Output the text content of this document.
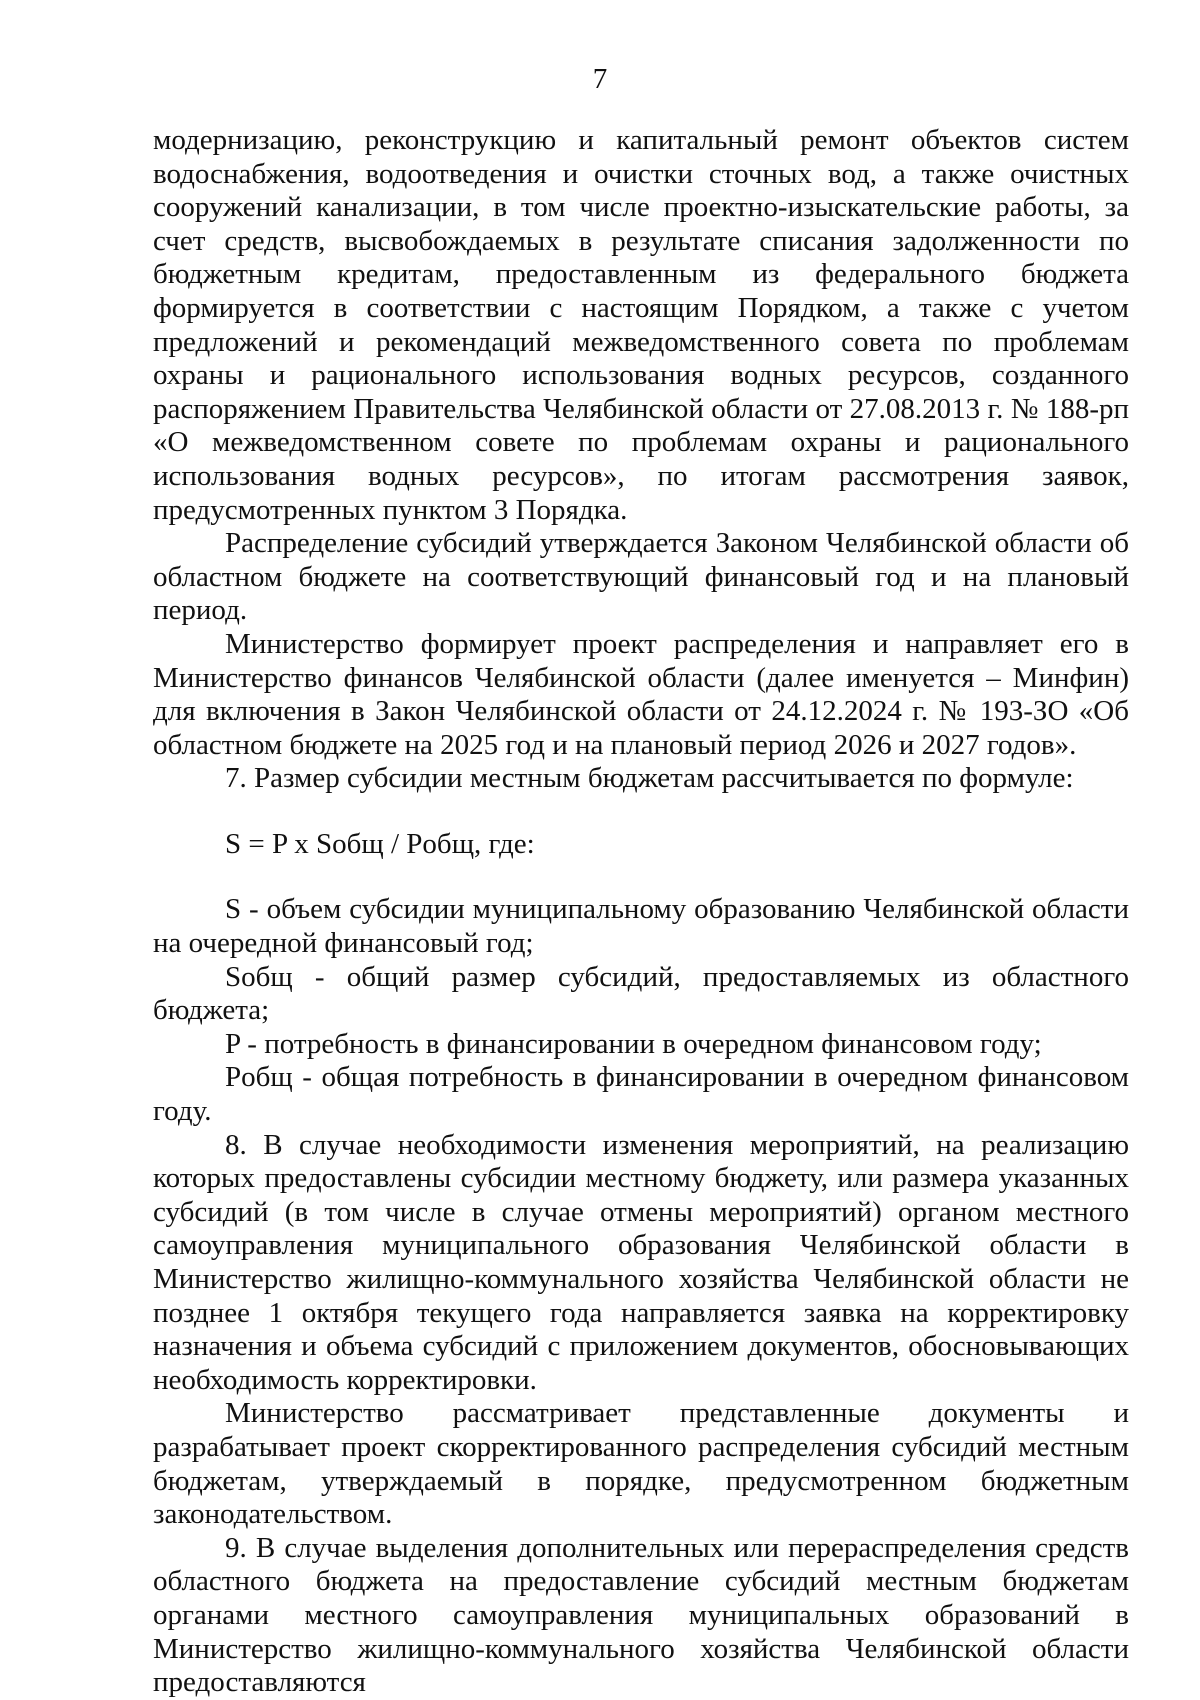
7

модернизацию, реконструкцию и капитальный ремонт объектов систем водоснабжения, водоотведения и очистки сточных вод, а также очистных сооружений канализации, в том числе проектно-изыскательские работы, за счет средств, высвобождаемых в результате списания задолженности по бюджетным кредитам, предоставленным из федерального бюджета формируется в соответствии с настоящим Порядком, а также с учетом предложений и рекомендаций межведомственного совета по проблемам охраны и рационального использования водных ресурсов, созданного распоряжением Правительства Челябинской области от 27.08.2013 г. № 188-рп «О межведомственном совете по проблемам охраны и рационального использования водных ресурсов», по итогам рассмотрения заявок, предусмотренных пунктом 3 Порядка.

Распределение субсидий утверждается Законом Челябинской области об областном бюджете на соответствующий финансовый год и на плановый период.

Министерство формирует проект распределения и направляет его в Министерство финансов Челябинской области (далее именуется – Минфин) для включения в Закон Челябинской области от 24.12.2024 г. № 193-ЗО «Об областном бюджете на 2025 год и на плановый период 2026 и 2027 годов».

7. Размер субсидии местным бюджетам рассчитывается по формуле:

S = P x Sобщ / Pобщ, где:

S - объем субсидии муниципальному образованию Челябинской области на очередной финансовый год;

Sобщ - общий размер субсидий, предоставляемых из областного бюджета;

P - потребность в финансировании в очередном финансовом году;

Pобщ - общая потребность в финансировании в очередном финансовом году.

8. В случае необходимости изменения мероприятий, на реализацию которых предоставлены субсидии местному бюджету, или размера указанных субсидий (в том числе в случае отмены мероприятий) органом местного самоуправления муниципального образования Челябинской области в Министерство жилищно-коммунального хозяйства Челябинской области не позднее 1 октября текущего года направляется заявка на корректировку назначения и объема субсидий с приложением документов, обосновывающих необходимость корректировки.

Министерство рассматривает представленные документы и разрабатывает проект скорректированного распределения субсидий местным бюджетам, утверждаемый в порядке, предусмотренном бюджетным законодательством.

9. В случае выделения дополнительных или перераспределения средств областного бюджета на предоставление субсидий местным бюджетам органами местного самоуправления муниципальных образований в Министерство жилищно-коммунального хозяйства Челябинской области предоставляются
